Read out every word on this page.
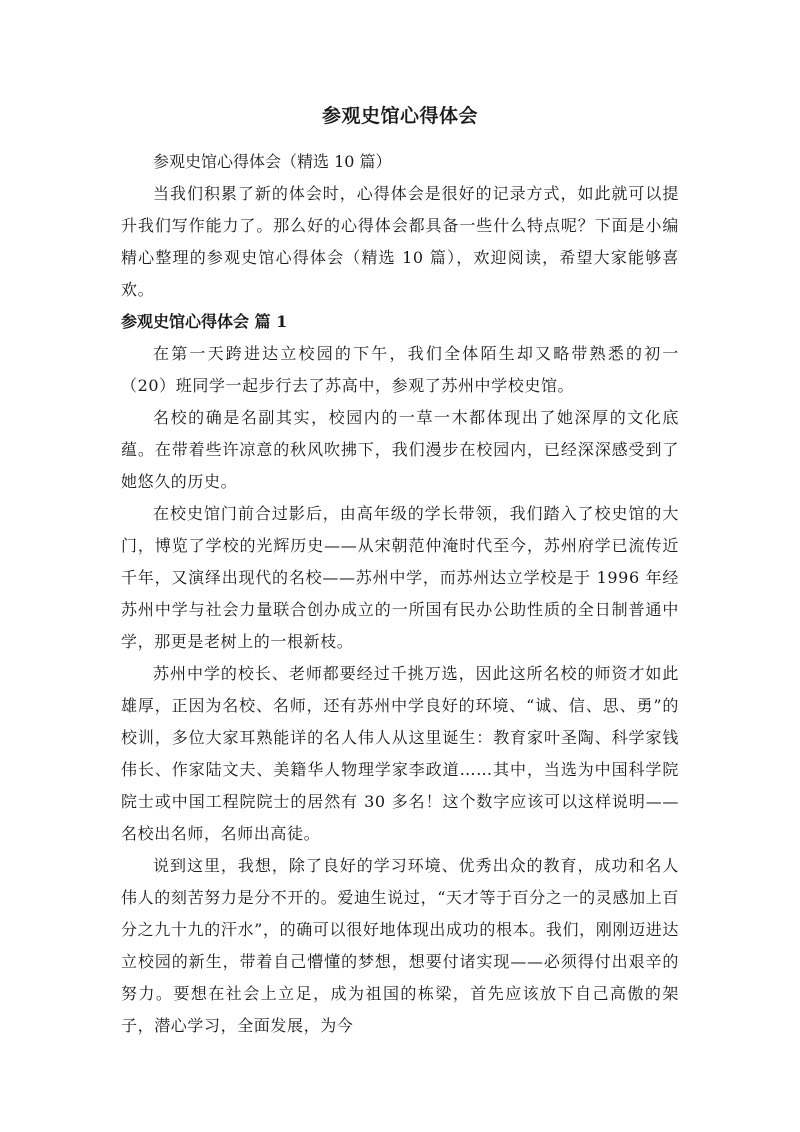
参观史馆心得体会
参观史馆心得体会（精选 10 篇）

当我们积累了新的体会时，心得体会是很好的记录方式，如此就可以提升我们写作能力了。那么好的心得体会都具备一些什么特点呢？下面是小编精心整理的参观史馆心得体会（精选 10 篇），欢迎阅读，希望大家能够喜欢。

参观史馆心得体会 篇 1

在第一天跨进达立校园的下午，我们全体陌生却又略带熟悉的初一（20）班同学一起步行去了苏高中，参观了苏州中学校史馆。

名校的确是名副其实，校园内的一草一木都体现出了她深厚的文化底蕴。在带着些许凉意的秋风吹拂下，我们漫步在校园内，已经深深感受到了她悠久的历史。

在校史馆门前合过影后，由高年级的学长带领，我们踏入了校史馆的大门，博览了学校的光辉历史——从宋朝范仲淹时代至今，苏州府学已流传近千年，又演绎出现代的名校——苏州中学，而苏州达立学校是于 1996 年经苏州中学与社会力量联合创办成立的一所国有民办公助性质的全日制普通中学，那更是老树上的一根新枝。

苏州中学的校长、老师都要经过千挑万选，因此这所名校的师资才如此雄厚，正因为名校、名师，还有苏州中学良好的环境、“诚、信、思、勇”的校训，多位大家耳熟能详的名人伟人从这里诞生：教育家叶圣陶、科学家钱伟长、作家陆文夫、美籍华人物理学家李政道……其中，当选为中国科学院院士或中国工程院院士的居然有 30 多名！这个数字应该可以这样说明——名校出名师，名师出高徒。

说到这里，我想，除了良好的学习环境、优秀出众的教育，成功和名人伟人的刻苦努力是分不开的。爱迪生说过，“天才等于百分之一的灵感加上百分之九十九的汗水”，的确可以很好地体现出成功的根本。我们，刚刚迈进达立校园的新生，带着自己懵懂的梦想，想要付诸实现——必须得付出艰辛的努力。要想在社会上立足，成为祖国的栋梁，首先应该放下自己高傲的架子，潜心学习，全面发展，为今
